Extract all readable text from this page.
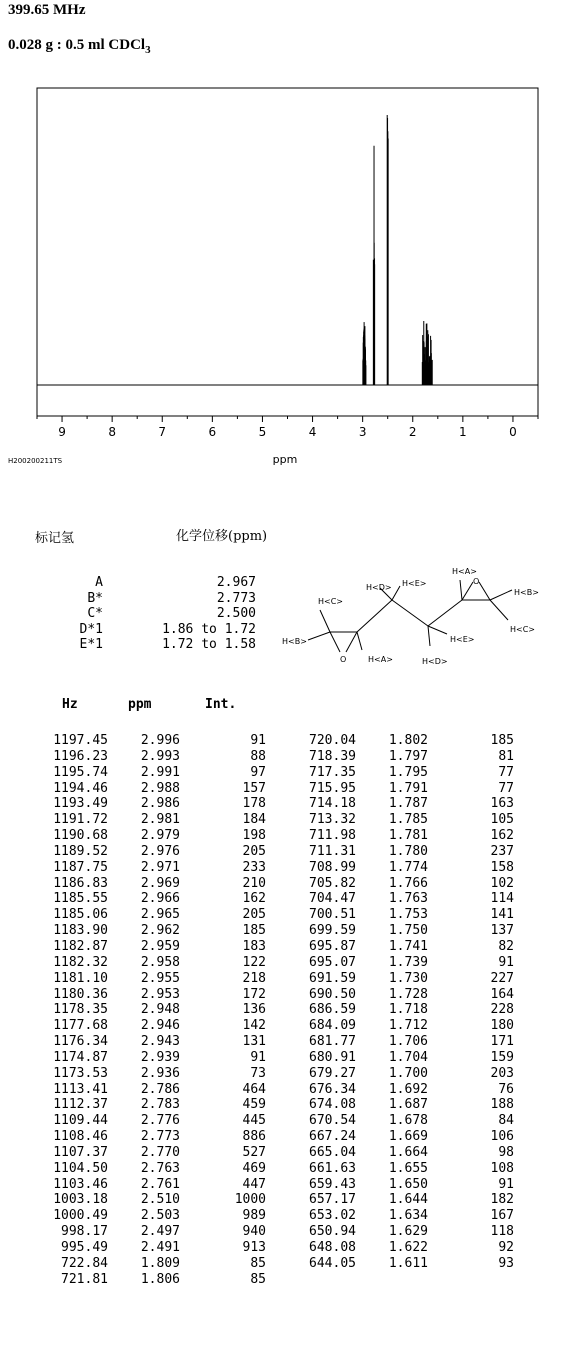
399.65 MHz
0.028 g : 0.5 ml CDCl$_3$
9	8	7	6	5	4	3	2	1	0
H200200211TS	ppm
标记氢	化学位移(ppm)
A	2.967
B*	2.773
C*	2.500
D*1	1.86 to 1.72
E*1	1.72 to 1.58
H<C>
H<B>
O	H<A>
H<D> H<E>
H<E>
H<D>
H<A>
O
H<B>
H<C>
Hz	ppm	Int.
1197.45	2.996	91
1196.23	2.993	88
1195.74	2.991	97
1194.46	2.988	157
1193.49	2.986	178
1191.72	2.981	184
1190.68	2.979	198
1189.52	2.976	205
1187.75	2.971	233
1186.83	2.969	210
1185.55	2.966	162
1185.06	2.965	205
1183.90	2.962	185
1182.87	2.959	183
1182.32	2.958	122
1181.10	2.955	218
1180.36	2.953	172
1178.35	2.948	136
1177.68	2.946	142
1176.34	2.943	131
1174.87	2.939	91
1173.53	2.936	73
1113.41	2.786	464
1112.37	2.783	459
1109.44	2.776	445
1108.46	2.773	886
1107.37	2.770	527
1104.50	2.763	469
1103.46	2.761	447
1003.18	2.510	1000
1000.49	2.503	989
998.17	2.497	940
995.49	2.491	913
722.84	1.809	85
721.81	1.806	85
720.04	1.802	185
718.39	1.797	81
717.35	1.795	77
715.95	1.791	77
714.18	1.787	163
713.32	1.785	105
711.98	1.781	162
711.31	1.780	237
708.99	1.774	158
705.82	1.766	102
704.47	1.763	114
700.51	1.753	141
699.59	1.750	137
695.87	1.741	82
695.07	1.739	91
691.59	1.730	227
690.50	1.728	164
686.59	1.718	228
684.09	1.712	180
681.77	1.706	171
680.91	1.704	159
679.27	1.700	203
676.34	1.692	76
674.08	1.687	188
670.54	1.678	84
667.24	1.669	106
665.04	1.664	98
661.63	1.655	108
659.43	1.650	91
657.17	1.644	182
653.02	1.634	167
650.94	1.629	118
648.08	1.622	92
644.05	1.611	93
